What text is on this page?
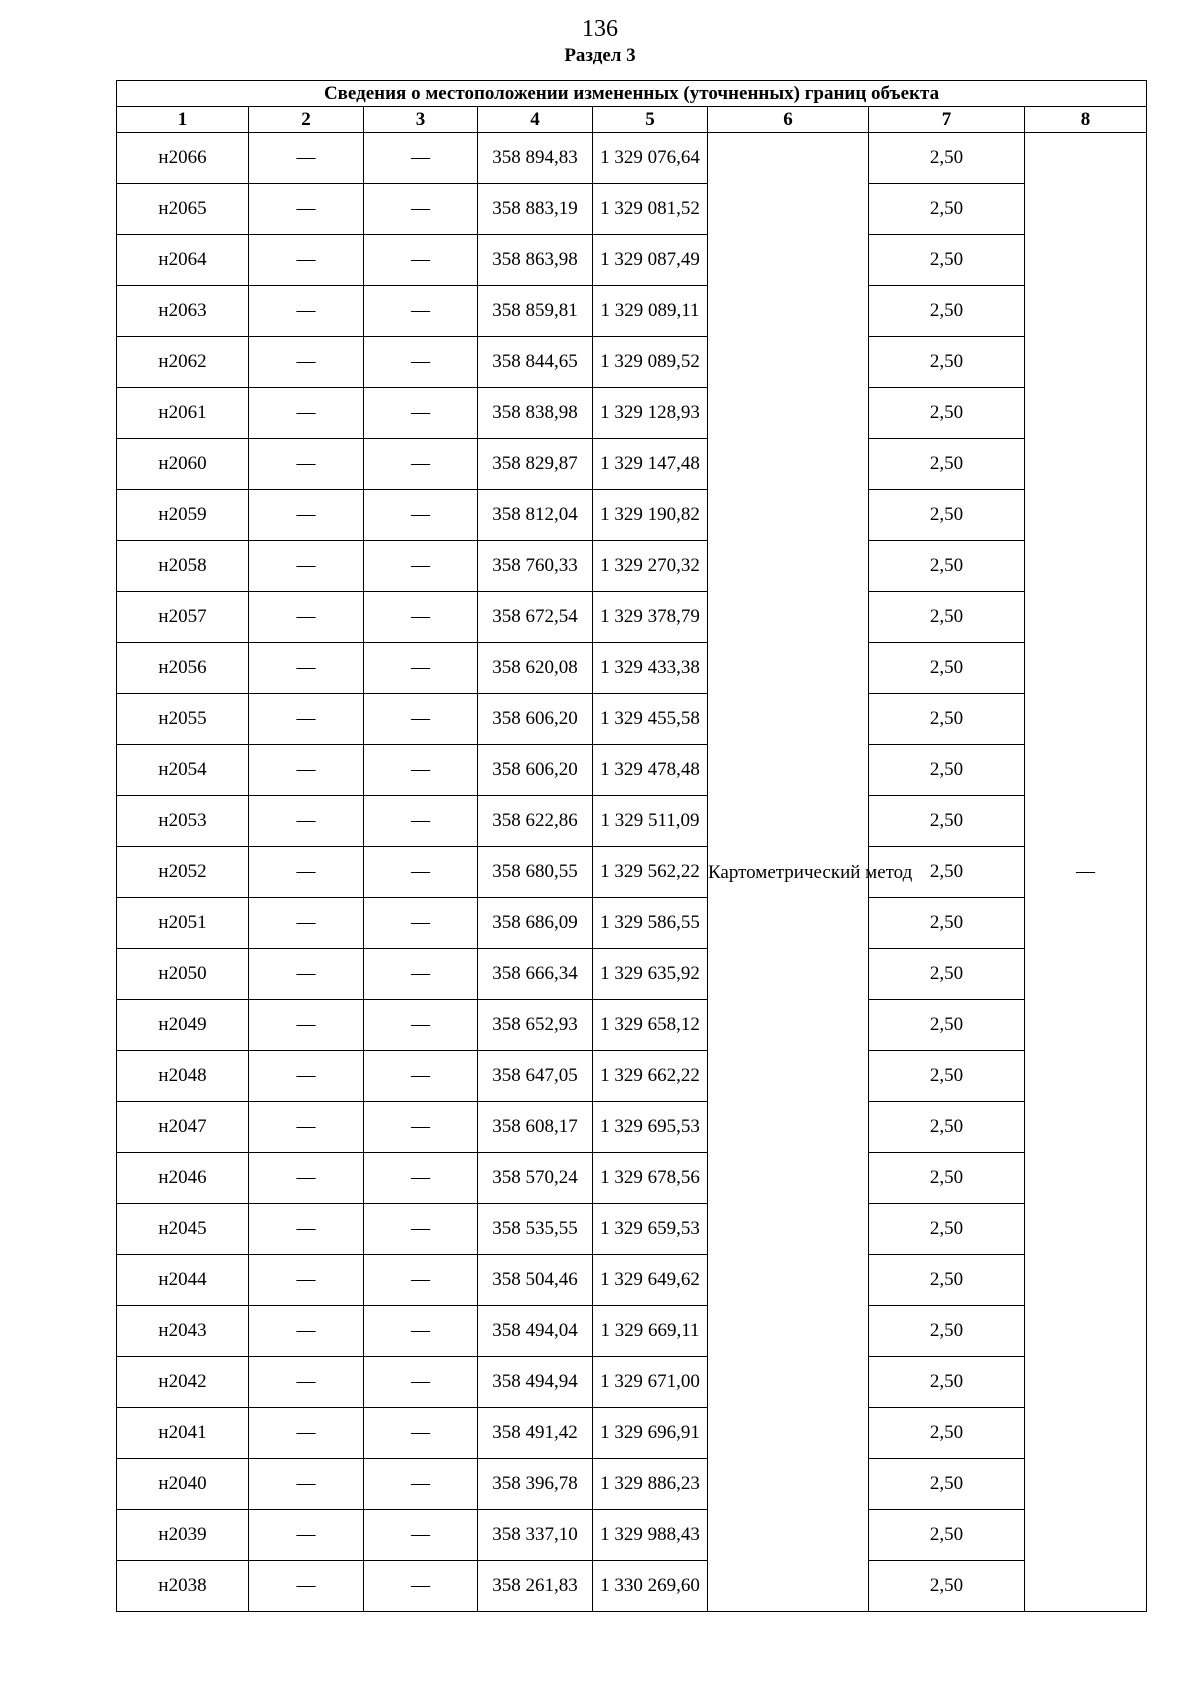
136
Раздел 3
Сведения о местоположении измененных (уточненных) границ объекта							
1	2	3	4	5	6	7	8
н2066	—	—	358 894,83	1 329 076,64	Картометрический метод	2,50	—
н2065	—	—	358 883,19	1 329 081,52		2,50	
н2064	—	—	358 863,98	1 329 087,49		2,50	
н2063	—	—	358 859,81	1 329 089,11		2,50	
н2062	—	—	358 844,65	1 329 089,52		2,50	
н2061	—	—	358 838,98	1 329 128,93		2,50	
н2060	—	—	358 829,87	1 329 147,48		2,50	
н2059	—	—	358 812,04	1 329 190,82		2,50	
н2058	—	—	358 760,33	1 329 270,32		2,50	
н2057	—	—	358 672,54	1 329 378,79		2,50	
н2056	—	—	358 620,08	1 329 433,38		2,50	
н2055	—	—	358 606,20	1 329 455,58		2,50	
н2054	—	—	358 606,20	1 329 478,48		2,50	
н2053	—	—	358 622,86	1 329 511,09		2,50	
н2052	—	—	358 680,55	1 329 562,22		2,50	
н2051	—	—	358 686,09	1 329 586,55		2,50	
н2050	—	—	358 666,34	1 329 635,92		2,50	
н2049	—	—	358 652,93	1 329 658,12		2,50	
н2048	—	—	358 647,05	1 329 662,22		2,50	
н2047	—	—	358 608,17	1 329 695,53		2,50	
н2046	—	—	358 570,24	1 329 678,56		2,50	
н2045	—	—	358 535,55	1 329 659,53		2,50	
н2044	—	—	358 504,46	1 329 649,62		2,50	
н2043	—	—	358 494,04	1 329 669,11		2,50	
н2042	—	—	358 494,94	1 329 671,00		2,50	
н2041	—	—	358 491,42	1 329 696,91		2,50	
н2040	—	—	358 396,78	1 329 886,23		2,50	
н2039	—	—	358 337,10	1 329 988,43		2,50	
н2038	—	—	358 261,83	1 330 269,60		2,50	
